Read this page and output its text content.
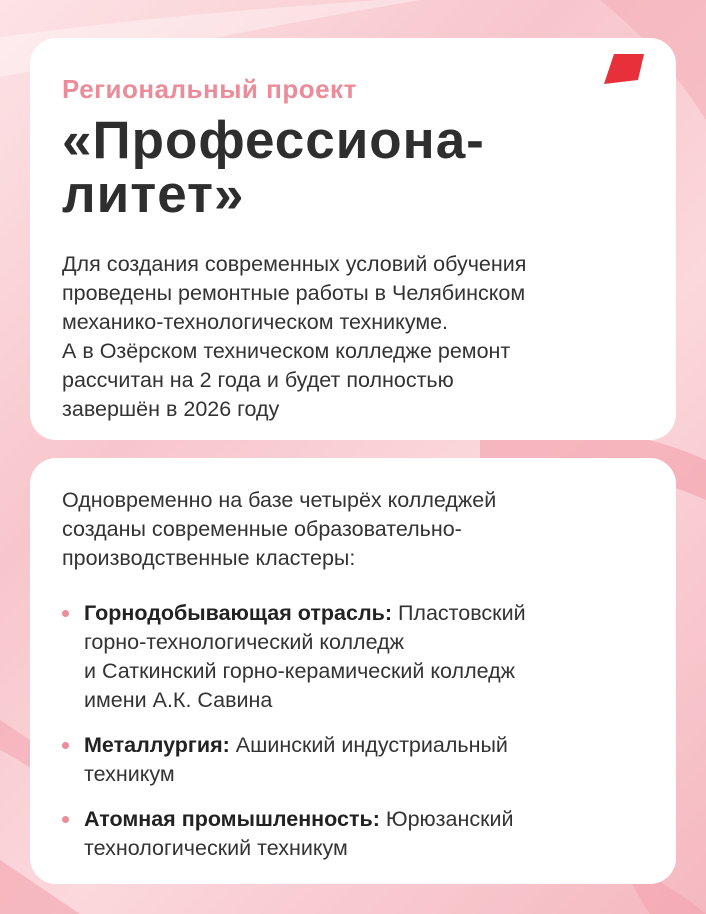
Региональный проект

«Профессиона-
литет»

Для создания современных условий обучения
проведены ремонтные работы в Челябинском
механико-технологическом техникуме.
А в Озёрском техническом колледже ремонт
рассчитан на 2 года и будет полностью
завершён в 2026 году

Одновременно на базе четырёх колледжей
созданы современные образовательно-
производственные кластеры:

Горнодобывающая отрасль: Пластовский
горно-технологический колледж
и Саткинский горно-керамический колледж
имени А.К. Савина
Металлургия: Ашинский индустриальный
техникум
Атомная промышленность: Юрюзанский
технологический техникум
